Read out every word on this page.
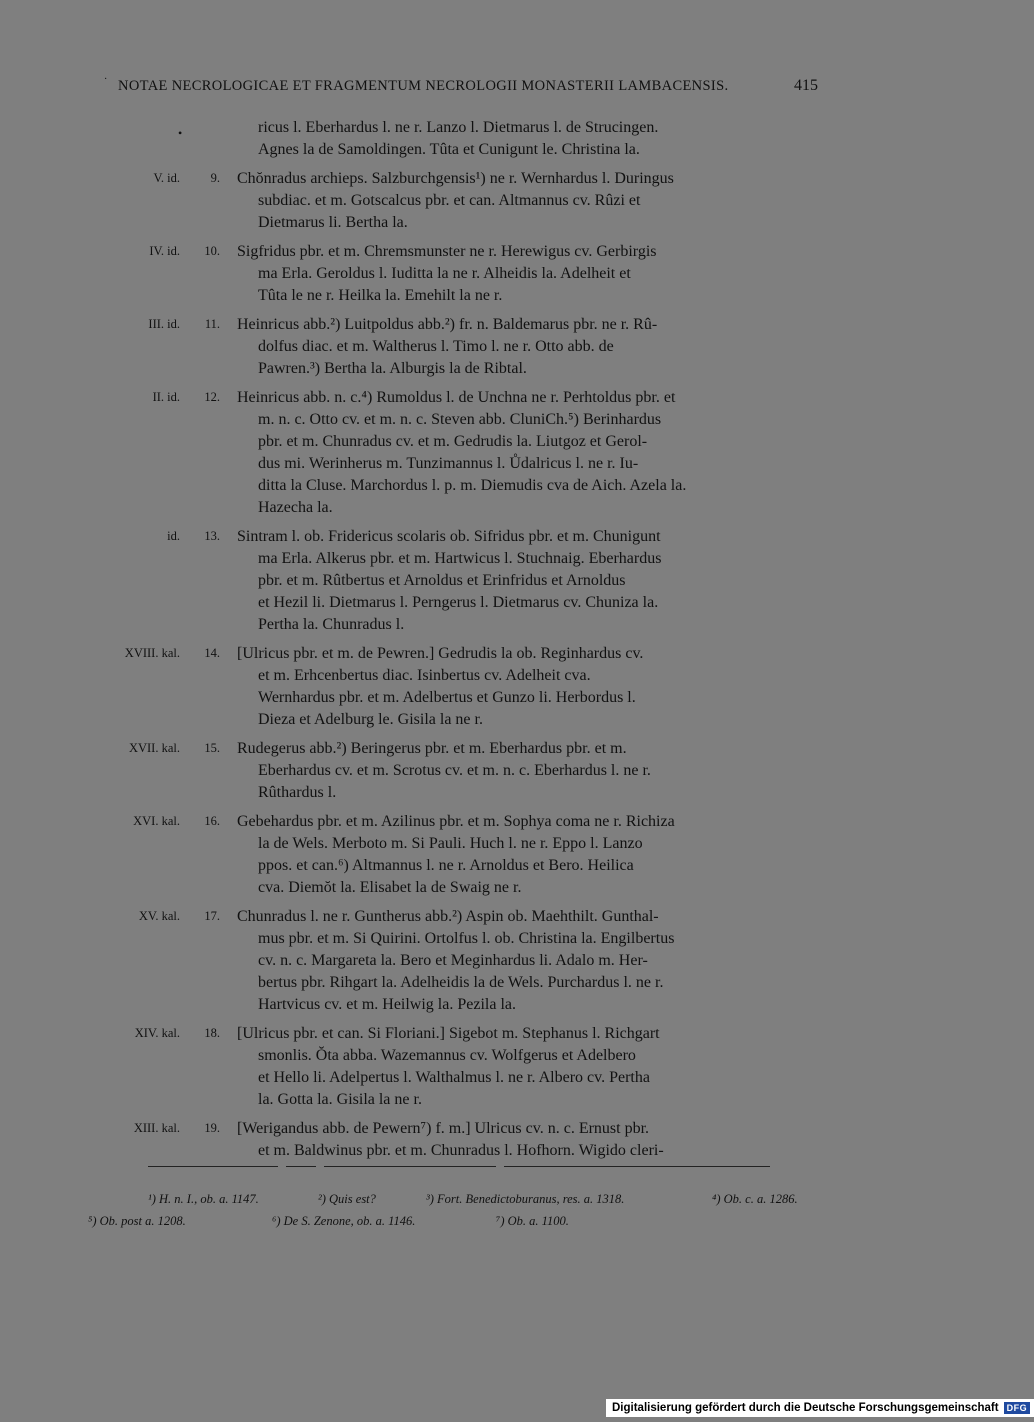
· NOTAE NECROLOGICAE ET FRAGMENTUM NECROLOGII MONASTERII LAMBACENSIS.	415
•	ricus l. Eberhardus l. ne r. Lanzo l. Dietmarus l. de Strucingen.
Agnes la de Samoldingen. Tûta et Cunigunt le. Christina la.
V. id. 9. Chŏnradus archieps. Salzburchgensis¹) ne r. Wernhardus l. Duringus
subdiac. et m. Gotscalcus pbr. et can. Altmannus cv. Rûzi et
Dietmarus li. Bertha la.
IV. id. 10. Sigfridus pbr. et m. Chremsmunster ne r. Herewigus cv. Gerbirgis
ma Erla. Geroldus l. Iuditta la ne r. Alheidis la. Adelheit et
Tûta le ne r. Heilka la. Emehilt la ne r.
III. id. 11. Heinricus abb.²) Luitpoldus abb.²) fr. n. Baldemarus pbr. ne r. Rû-
dolfus diac. et m. Waltherus l. Timo l. ne r. Otto abb. de
Pawren.³) Bertha la. Alburgis la de Ribtal.
II. id. 12. Heinricus abb. n. c.⁴) Rumoldus l. de Unchna ne r. Perhtoldus pbr. et
m. n. c. Otto cv. et m. n. c. Steven abb. CluniCh.⁵) Berinhardus
pbr. et m. Chunradus cv. et m. Gedrudis la. Liutgoz et Gerol-
dus mi. Werinherus m. Tunzimannus l. Ůdalricus l. ne r. Iu-
ditta la Cluse. Marchordus l. p. m. Diemudis cva de Aich. Azela la.
Hazecha la.
id. 13. Sintram l. ob. Fridericus scolaris ob. Sifridus pbr. et m. Chunigunt
ma Erla. Alkerus pbr. et m. Hartwicus l. Stuchnaig. Eberhardus
pbr. et m. Rûtbertus et Arnoldus et Erinfridus et Arnoldus
et Hezil li. Dietmarus l. Perngerus l. Dietmarus cv. Chuniza la.
Pertha la. Chunradus l.
XVIII. kal. 14. [Ulricus pbr. et m. de Pewren.] Gedrudis la ob. Reginhardus cv.
et m. Erhcenbertus diac. Isinbertus cv. Adelheit cva.
Wernhardus pbr. et m. Adelbertus et Gunzo li. Herbordus l.
Dieza et Adelburg le. Gisila la ne r.
XVII. kal. 15. Rudegerus abb.²) Beringerus pbr. et m. Eberhardus pbr. et m.
Eberhardus cv. et m. Scrotus cv. et m. n. c. Eberhardus l. ne r.
Rûthardus l.
XVI. kal. 16. Gebehardus pbr. et m. Azilinus pbr. et m. Sophya coma ne r. Richiza
la de Wels. Merboto m. Si Pauli. Huch l. ne r. Eppo l. Lanzo
ppos. et can.⁶) Altmannus l. ne r. Arnoldus et Bero. Heilica
cva. Diemŏt la. Elisabet la de Swaig ne r.
XV. kal. 17. Chunradus l. ne r. Guntherus abb.²) Aspin ob. Maehthilt. Gunthal-
mus pbr. et m. Si Quirini. Ortolfus l. ob. Christina la. Engilbertus
cv. n. c. Margareta la. Bero et Meginhardus li. Adalo m. Her-
bertus pbr. Rihgart la. Adelheidis la de Wels. Purchardus l. ne r.
Hartvicus cv. et m. Heilwig la. Pezila la.
XIV. kal. 18. [Ulricus pbr. et can. Si Floriani.] Sigebot m. Stephanus l. Richgart
smonlis. Ŏta abba. Wazemannus cv. Wolfgerus et Adelbero
et Hello li. Adelpertus l. Walthalmus l. ne r. Albero cv. Pertha
la. Gotta la. Gisila la ne r.
XIII. kal. 19. [Werigandus abb. de Pewern⁷) f. m.] Ulricus cv. n. c. Ernust pbr.
et m. Baldwinus pbr. et m. Chunradus l. Hofhorn. Wigido cleri-
¹) H. n. I., ob. a. 1147.	²) Quis est?	³) Fort. Benedictoburanus, res. a. 1318.	⁴) Ob. c. a. 1286.
⁵) Ob. post a. 1208.	⁶) De S. Zenone, ob. a. 1146.	⁷) Ob. a. 1100.
Digitalisierung gefördert durch die Deutsche Forschungsgemeinschaft DFG
